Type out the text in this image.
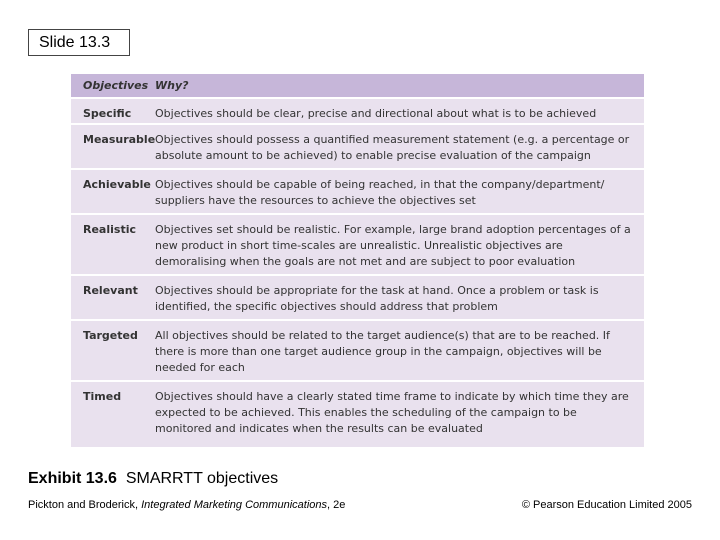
Slide 13.3
Objectives Why?
Specific	Objectives should be clear, precise and directional about what is to be achieved
Measurable Objectives should possess a quantified measurement statement (e.g. a percentage or absolute amount to be achieved) to enable precise evaluation of the campaign
Achievable Objectives should be capable of being reached, in that the company/department/ suppliers have the resources to achieve the objectives set
Realistic	Objectives set should be realistic. For example, large brand adoption percentages of a new product in short time-scales are unrealistic. Unrealistic objectives are demoralising when the goals are not met and are subject to poor evaluation
Relevant	Objectives should be appropriate for the task at hand. Once a problem or task is identified, the specific objectives should address that problem
Targeted	All objectives should be related to the target audience(s) that are to be reached. If there is more than one target audience group in the campaign, objectives will be needed for each
Timed	Objectives should have a clearly stated time frame to indicate by which time they are expected to be achieved. This enables the scheduling of the campaign to be monitored and indicates when the results can be evaluated
Exhibit 13.6 SMARRTT objectives
Pickton and Broderick, Integrated Marketing Communications, 2e	© Pearson Education Limited 2005
